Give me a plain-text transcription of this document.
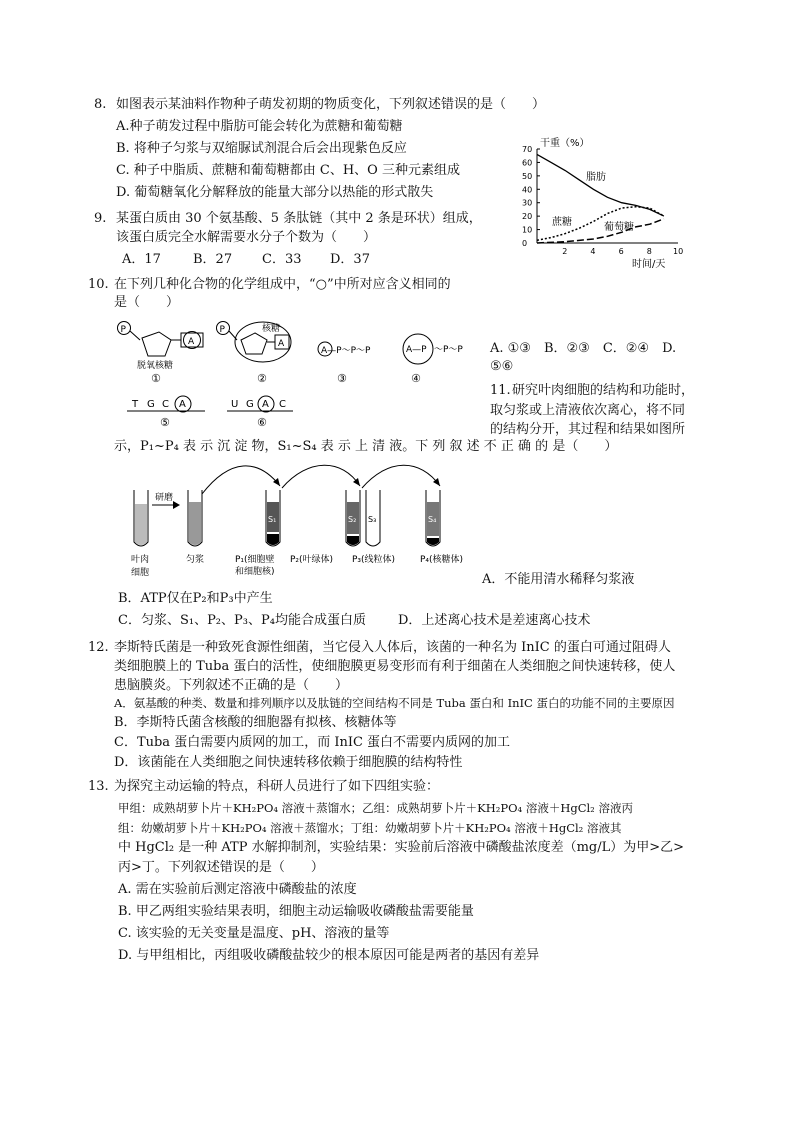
8. 如图表示某油料作物种子萌发初期的物质变化，下列叙述错误的是（　　）
A.种子萌发过程中脂肪可能会转化为蔗糖和葡萄糖
B. 将种子匀浆与双缩脲试剂混合后会出现紫色反应
C. 种子中脂质、蔗糖和葡萄糖都由 C、H、O 三种元素组成
D. 葡萄糖氧化分解释放的能量大部分以热能的形式散失
干重（%）
0
10
20
30
40
50
60
70
2	4	6	8	10
脂肪
蔗糖	葡萄糖
时间/天
9. 某蛋白质由 30 个氨基酸、5 条肽链（其中 2 条是环状）组成，
该蛋白质完全水解需要水分子个数为（　　）
A．17 B．27 C．33 D．37
10. 在下列几种化合物的化学组成中，“○”中所对应含义相同的
是（　　）
P
A
脱氧核糖
①
P	核糖
A
②
A—P～P～P
③
A—P ～P～P
④
T G C A
⑤
U G A C
⑥
A. ①③　B．②③　C．②④　D.
⑤⑥
11. 研究叶肉细胞的结构和功能时，
取匀浆或上清液依次离心，将不同
的结构分开，其过程和结果如图所
示，P₁~P₄ 表 示 沉 淀 物，S₁~S₄ 表 示 上 清 液。下 列 叙 述 不 正 确 的 是（　　）
研磨
叶肉
细胞
匀浆
S₁
P₁(细胞壁
和细胞核)
S₂
P₂(叶绿体)
S₄
P₄(核糖体)
S₃
P₃(线粒体)
A．不能用清水稀释匀浆液
B．ATP仅在P₂和P₃中产生
C．匀浆、S₁、P₂、P₃、P₄均能合成蛋白质 D．上述离心技术是差速离心技术
12. 李斯特氏菌是一种致死食源性细菌，当它侵入人体后，该菌的一种名为 InIC 的蛋白可通过阻碍人
类细胞膜上的 Tuba 蛋白的活性，使细胞膜更易变形而有利于细菌在人类细胞之间快速转移，使人
患脑膜炎。下列叙述不正确的是（　　）
A．氨基酸的种类、数量和排列顺序以及肽链的空间结构不同是 Tuba 蛋白和 InIC 蛋白的功能不同的主要原因
B．李斯特氏菌含核酸的细胞器有拟核、核糖体等
C．Tuba 蛋白需要内质网的加工，而 InIC 蛋白不需要内质网的加工
D．该菌能在人类细胞之间快速转移依赖于细胞膜的结构特性
13. 为探究主动运输的特点，科研人员进行了如下四组实验：
甲组：成熟胡萝卜片＋KH₂PO₄ 溶液＋蒸馏水；乙组：成熟胡萝卜片＋KH₂PO₄ 溶液＋HgCl₂ 溶液丙
组：幼嫩胡萝卜片＋KH₂PO₄ 溶液＋蒸馏水；丁组：幼嫩胡萝卜片＋KH₂PO₄ 溶液＋HgCl₂ 溶液其
中 HgCl₂ 是一种 ATP 水解抑制剂，实验结果：实验前后溶液中磷酸盐浓度差（mg/L）为甲>乙>
丙>丁。下列叙述错误的是（　　）
A. 需在实验前后测定溶液中磷酸盐的浓度
B. 甲乙两组实验结果表明，细胞主动运输吸收磷酸盐需要能量
C. 该实验的无关变量是温度、pH、溶液的量等
D. 与甲组相比，丙组吸收磷酸盐较少的根本原因可能是两者的基因有差异
